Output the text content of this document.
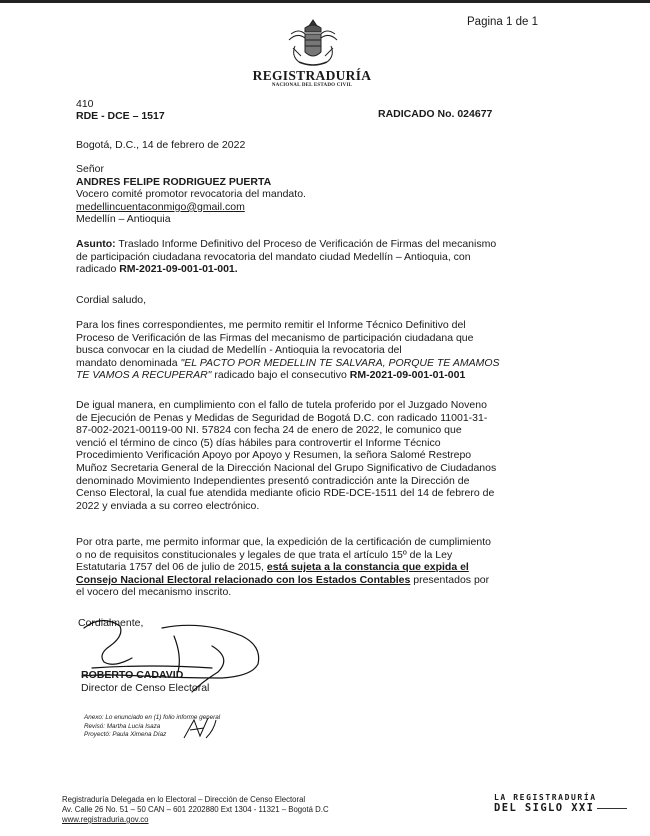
Pagina 1 de 1
REGISTRADURÍA
NACIONAL DEL ESTADO CIVIL
410
RDE - DCE – 1517	RADICADO No. 024677
Bogotá, D.C., 14 de febrero de 2022
Señor
ANDRES FELIPE RODRIGUEZ PUERTA
Vocero comité promotor revocatoria del mandato.
medellincuentaconmigo@gmail.com
Medellín – Antioquia
Asunto: Traslado Informe Definitivo del Proceso de Verificación de Firmas del mecanismo
de participación ciudadana revocatoria del mandato ciudad Medellín – Antioquia, con
radicado RM-2021-09-001-01-001.
Cordial saludo,
Para los fines correspondientes, me permito remitir el Informe Técnico Definitivo del
Proceso de Verificación de las Firmas del mecanismo de participación ciudadana que
busca convocar en la ciudad de Medellín - Antioquia la revocatoria del
mandato denominada "EL PACTO POR MEDELLIN TE SALVARA, PORQUE TE AMAMOS
TE VAMOS A RECUPERAR" radicado bajo el consecutivo RM-2021-09-001-01-001
De igual manera, en cumplimiento con el fallo de tutela proferido por el Juzgado Noveno
de Ejecución de Penas y Medidas de Seguridad de Bogotá D.C. con radicado 11001-31-
87-002-2021-00119-00 NI. 57824 con fecha 24 de enero de 2022, le comunico que
venció el término de cinco (5) días hábiles para controvertir el Informe Técnico
Procedimiento Verificación Apoyo por Apoyo y Resumen, la señora Salomé Restrepo
Muñoz Secretaria General de la Dirección Nacional del Grupo Significativo de Ciudadanos
denominado Movimiento Independientes presentó contradicción ante la Dirección de
Censo Electoral, la cual fue atendida mediante oficio RDE-DCE-1511 del 14 de febrero de
2022 y enviada a su correo electrónico.
Por otra parte, me permito informar que, la expedición de la certificación de cumplimiento
o no de requisitos constitucionales y legales de que trata el artículo 15º de la Ley
Estatutaria 1757 del 06 de julio de 2015, está sujeta a la constancia que expida el
Consejo Nacional Electoral relacionado con los Estados Contables presentados por
el vocero del mecanismo inscrito.
Cordialmente,
ROBERTO CADAVID
Director de Censo Electoral
Anexo: Lo enunciado en (1) folio informe general
Revisó: Martha Lucía Isaza
Proyectó: Paula Ximena Díaz
Registraduría Delegada en lo Electoral – Dirección de Censo Electoral
Av. Calle 26 No. 51 – 50 CAN – 601 2202880 Ext 1304 - 11321 – Bogotá D.C
www.registraduria.gov.co
LA REGISTRADURÍA
DEL SIGLO XXI
